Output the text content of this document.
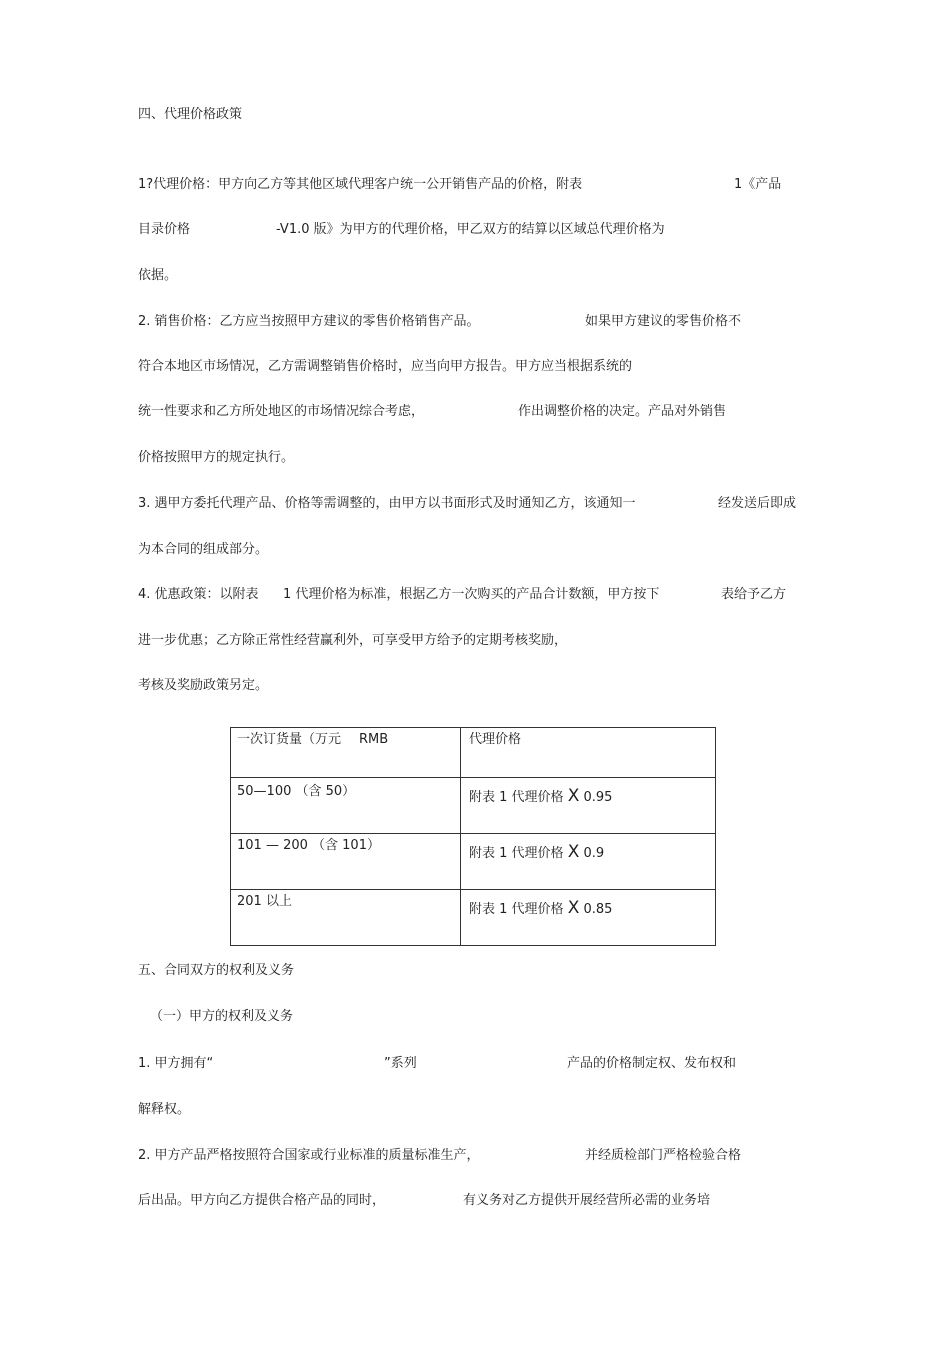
四、代理价格政策
1?代理价格：甲方向乙方等其他区域代理客户统一公开销售产品的价格，附表	1《产品
目录价格	-V1.0 版》为甲方的代理价格，甲乙双方的结算以区域总代理价格为
依据。
2. 销售价格：乙方应当按照甲方建议的零售价格销售产品。	如果甲方建议的零售价格不
符合本地区市场情况，乙方需调整销售价格时，应当向甲方报告。甲方应当根据系统的
统一性要求和乙方所处地区的市场情况综合考虑，	作出调整价格的决定。产品对外销售
价格按照甲方的规定执行。
3. 遇甲方委托代理产品、价格等需调整的，由甲方以书面形式及时通知乙方，该通知一	经发送后即成
为本合同的组成部分。
4. 优惠政策：以附表 1 代理价格为标准，根据乙方一次购买的产品合计数额，甲方按下	表给予乙方
进一步优惠；乙方除正常性经营赢利外，可享受甲方给予的定期考核奖励，
考核及奖励政策另定。
一次订货量（万元 RMB	代理价格
50—100 （含 50）	附表 1 代理价格 X 0.95
101 — 200 （含 101）	附表 1 代理价格 X 0.9
201 以上	附表 1 代理价格 X 0.85
五、合同双方的权利及义务
（一）甲方的权利及义务
1. 甲方拥有“	”系列	产品的价格制定权、发布权和
解释权。
2. 甲方产品严格按照符合国家或行业标准的质量标准生产，	并经质检部门严格检验合格
后出品。甲方向乙方提供合格产品的同时，	有义务对乙方提供开展经营所必需的业务培
